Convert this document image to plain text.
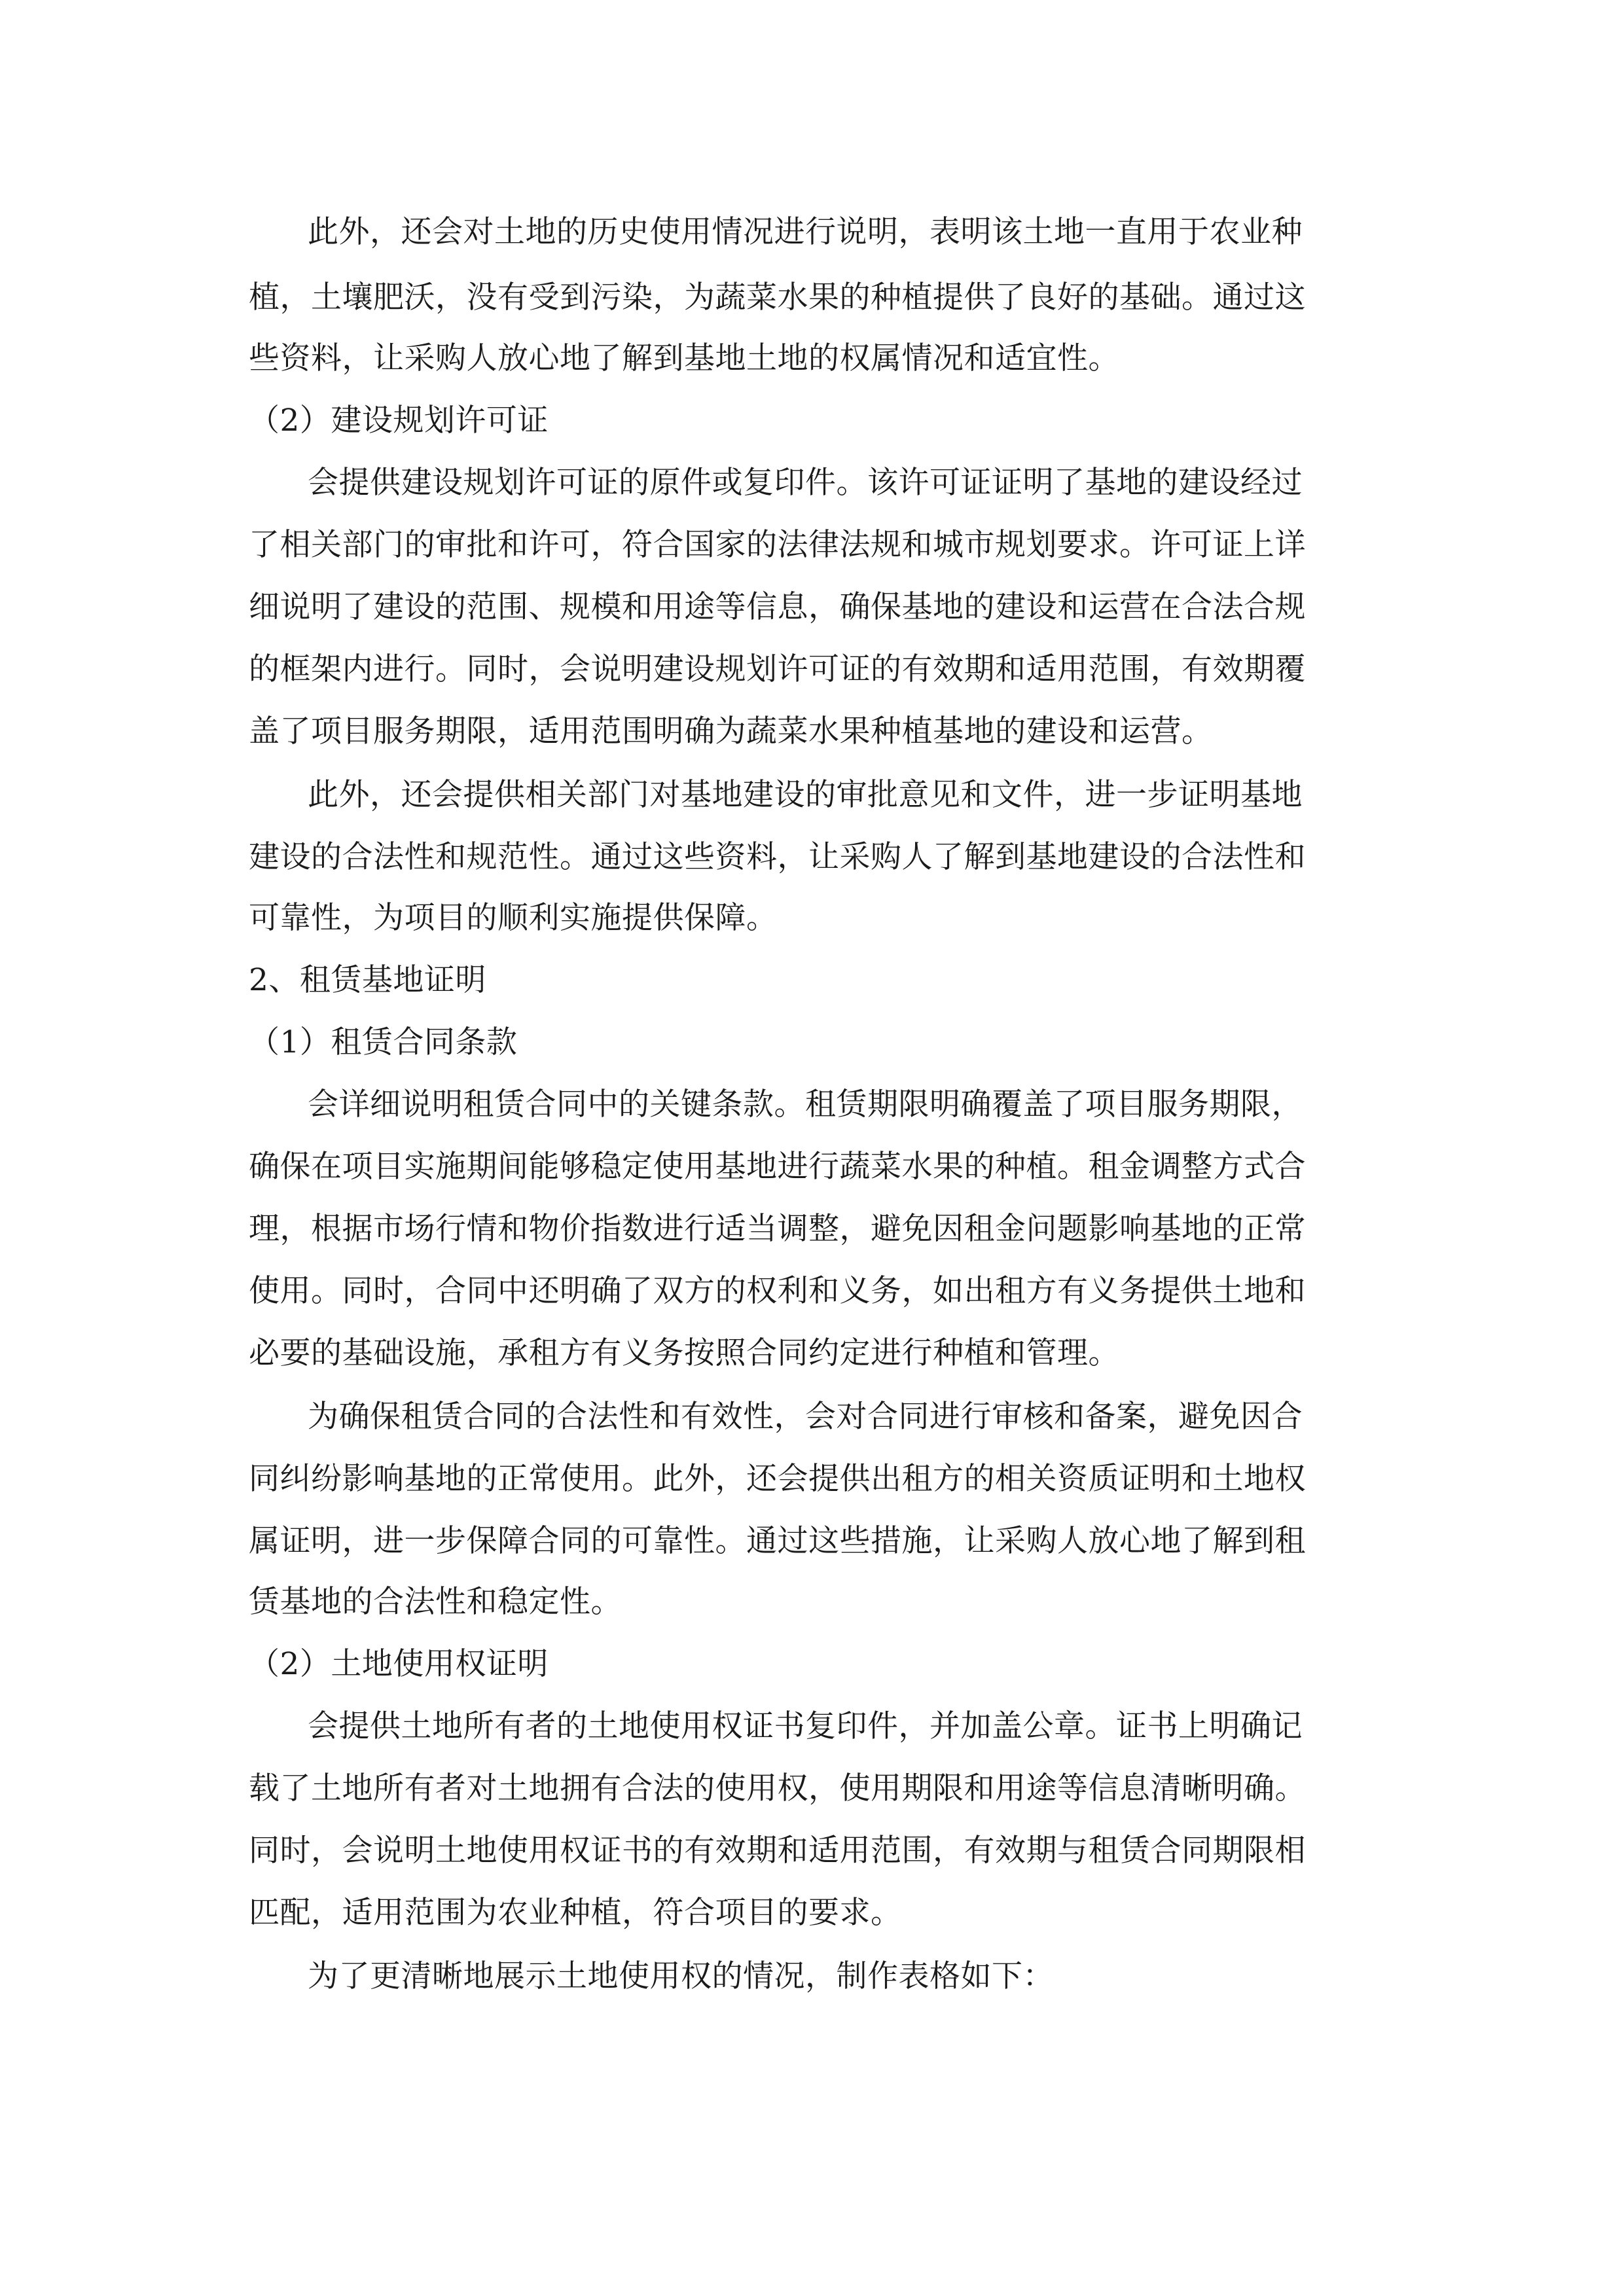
此外，还会对土地的历史使用情况进行说明，表明该土地一直用于农业种
植，土壤肥沃，没有受到污染，为蔬菜水果的种植提供了良好的基础。通过这
些资料，让采购人放心地了解到基地土地的权属情况和适宜性。
（2）建设规划许可证
会提供建设规划许可证的原件或复印件。该许可证证明了基地的建设经过
了相关部门的审批和许可，符合国家的法律法规和城市规划要求。许可证上详
细说明了建设的范围、规模和用途等信息，确保基地的建设和运营在合法合规
的框架内进行。同时，会说明建设规划许可证的有效期和适用范围，有效期覆
盖了项目服务期限，适用范围明确为蔬菜水果种植基地的建设和运营。
此外，还会提供相关部门对基地建设的审批意见和文件，进一步证明基地
建设的合法性和规范性。通过这些资料，让采购人了解到基地建设的合法性和
可靠性，为项目的顺利实施提供保障。
2、租赁基地证明
（1）租赁合同条款
会详细说明租赁合同中的关键条款。租赁期限明确覆盖了项目服务期限，
确保在项目实施期间能够稳定使用基地进行蔬菜水果的种植。租金调整方式合
理，根据市场行情和物价指数进行适当调整，避免因租金问题影响基地的正常
使用。同时，合同中还明确了双方的权利和义务，如出租方有义务提供土地和
必要的基础设施，承租方有义务按照合同约定进行种植和管理。
为确保租赁合同的合法性和有效性，会对合同进行审核和备案，避免因合
同纠纷影响基地的正常使用。此外，还会提供出租方的相关资质证明和土地权
属证明，进一步保障合同的可靠性。通过这些措施，让采购人放心地了解到租
赁基地的合法性和稳定性。
（2）土地使用权证明
会提供土地所有者的土地使用权证书复印件，并加盖公章。证书上明确记
载了土地所有者对土地拥有合法的使用权，使用期限和用途等信息清晰明确。
同时，会说明土地使用权证书的有效期和适用范围，有效期与租赁合同期限相
匹配，适用范围为农业种植，符合项目的要求。
为了更清晰地展示土地使用权的情况，制作表格如下：
